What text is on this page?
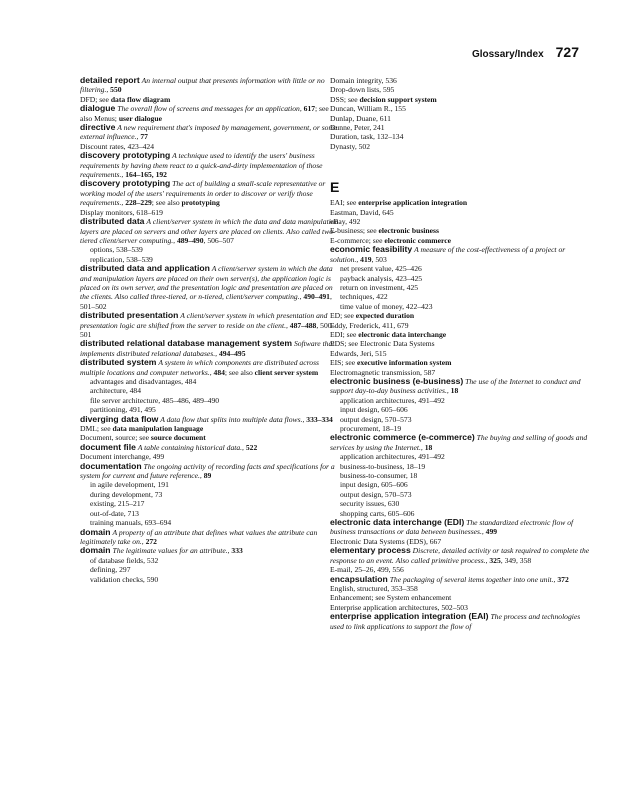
Glossary/Index 727

detailed report An internal output that presents information with little or no filtering., 550

DFD; see data flow diagram

dialogue The overall flow of screens and messages for an application, 617; see also Menus; user dialogue

directive A new requirement that's imposed by management, government, or some external influence., 77

Discount rates, 423–424

discovery prototyping A technique used to identify the users' business requirements by having them react to a quick-and-dirty implementation of those requirements., 164–165, 192

discovery prototyping The act of building a small-scale representative or working model of the users' requirements in order to discover or verify those requirements., 228–229; see also prototyping

Display monitors, 618–619

distributed data A client/server system in which the data and data manipulation layers are placed on servers and other layers are placed on clients. Also called two-tiered client/server computing., 489–490, 506–507

options, 538–539

replication, 538–539

distributed data and application A client/server system in which the data and manipulation layers are placed on their own server(s), the application logic is placed on its own server, and the presentation logic and presentation are placed on the clients. Also called three-tiered, or n-tiered, client/server computing., 490–491, 501–502

distributed presentation A client/server system in which presentation and presentation logic are shifted from the server to reside on the client., 487–488, 500–501

distributed relational database management system Software that implements distributed relational databases., 494–495

distributed system A system in which components are distributed across multiple locations and computer networks., 484; see also client server system

advantages and disadvantages, 484

architecture, 484

file server architecture, 485–486, 489–490

partitioning, 491, 495

diverging data flow A data flow that splits into multiple data flows., 333–334

DML; see data manipulation language

Document, source; see source document

document file A table containing historical data., 522

Document interchange, 499

documentation The ongoing activity of recording facts and specifications for a system for current and future reference., 89

in agile development, 191

during development, 73

existing, 215–217

out-of-date, 713

training manuals, 693–694

domain A property of an attribute that defines what values the attribute can legitimately take on., 272

domain The legitimate values for an attribute., 333

of database fields, 532

defining, 297

validation checks, 590

Domain integrity, 536

Drop-down lists, 595

DSS; see decision support system

Duncan, William R., 155

Dunlap, Duane, 611

Dunne, Peter, 241

Duration, task, 132–134

Dynasty, 502

E

EAI; see enterprise application integration

Eastman, David, 645

eBay, 492

E-business; see electronic business

E-commerce; see electronic commerce

economic feasibility A measure of the cost-effectiveness of a project or solution., 419, 503

net present value, 425–426

payback analysis, 423–425

return on investment, 425

techniques, 422

time value of money, 422–423

ED; see expected duration

Eddy, Frederick, 411, 679

EDI; see electronic data interchange

EDS; see Electronic Data Systems

Edwards, Jeri, 515

EIS; see executive information system

Electromagnetic transmission, 587

electronic business (e-business) The use of the Internet to conduct and support day-to-day business activities., 18

application architectures, 491–492

input design, 605–606

output design, 570–573

procurement, 18–19

electronic commerce (e-commerce) The buying and selling of goods and services by using the Internet., 18

application architectures, 491–492

business-to-business, 18–19

business-to-consumer, 18

input design, 605–606

output design, 570–573

security issues, 630

shopping carts, 605–606

electronic data interchange (EDI) The standardized electronic flow of business transactions or data between businesses., 499

Electronic Data Systems (EDS), 667

elementary process Discrete, detailed activity or task required to complete the response to an event. Also called primitive process., 325, 349, 358

E-mail, 25–26, 499, 556

encapsulation The packaging of several items together into one unit., 372

English, structured, 353–358

Enhancement; see System enhancement

Enterprise application architectures, 502–503

enterprise application integration (EAI) The process and technologies used to link applications to support the flow of
